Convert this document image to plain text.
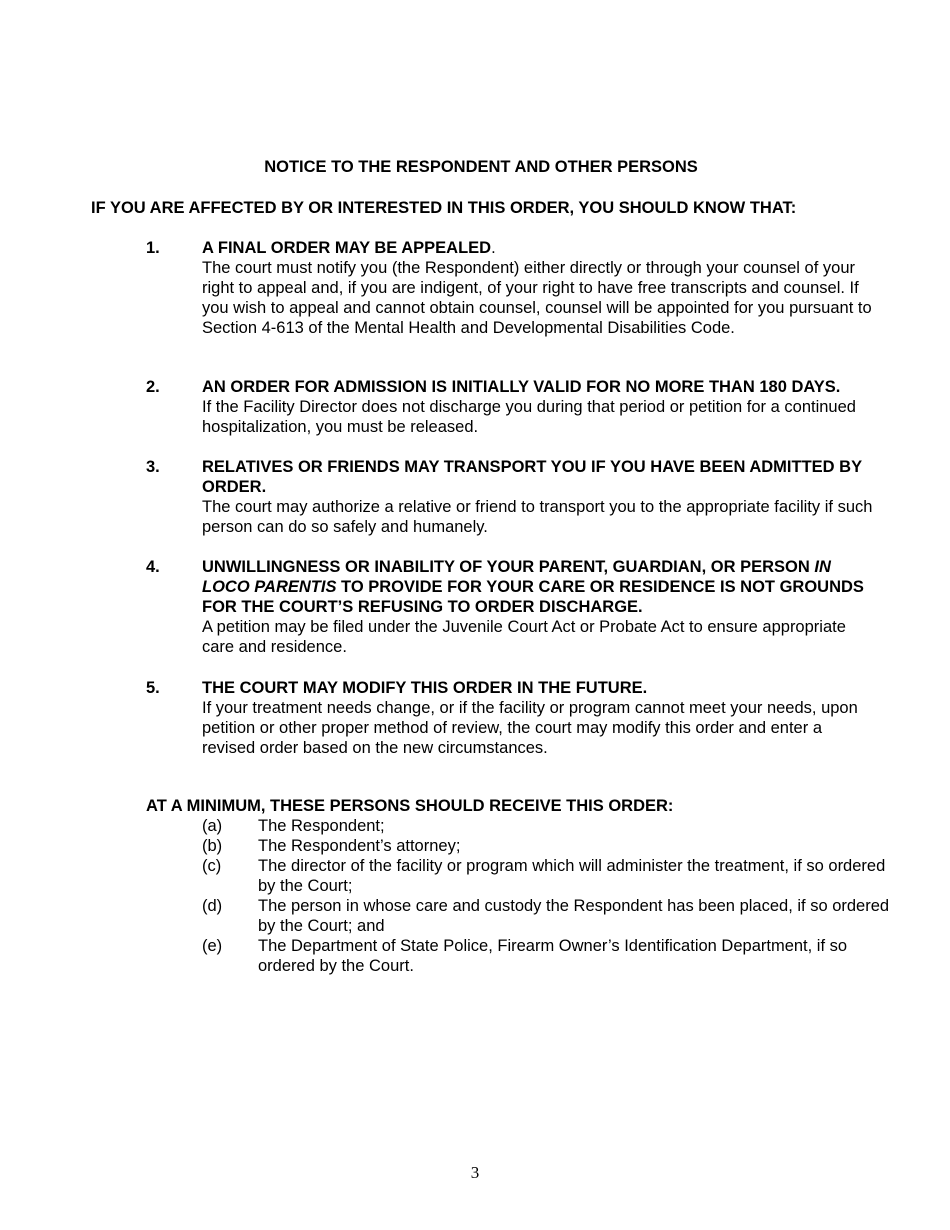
NOTICE TO THE RESPONDENT AND OTHER PERSONS
IF YOU ARE AFFECTED BY OR INTERESTED IN THIS ORDER, YOU SHOULD KNOW THAT:
1.	A FINAL ORDER MAY BE APPEALED.
The court must notify you (the Respondent) either directly or through your counsel of your right to appeal and, if you are indigent, of your right to have free transcripts and counsel. If you wish to appeal and cannot obtain counsel, counsel will be appointed for you pursuant to Section 4-613 of the Mental Health and Developmental Disabilities Code.
2.	AN ORDER FOR ADMISSION IS INITIALLY VALID FOR NO MORE THAN 180 DAYS.
If the Facility Director does not discharge you during that period or petition for a continued hospitalization, you must be released.
3.	RELATIVES OR FRIENDS MAY TRANSPORT YOU IF YOU HAVE BEEN ADMITTED BY ORDER.
The court may authorize a relative or friend to transport you to the appropriate facility if such person can do so safely and humanely.
4.	UNWILLINGNESS OR INABILITY OF YOUR PARENT, GUARDIAN, OR PERSON IN LOCO PARENTIS TO PROVIDE FOR YOUR CARE OR RESIDENCE IS NOT GROUNDS FOR THE COURT’S REFUSING TO ORDER DISCHARGE.
A petition may be filed under the Juvenile Court Act or Probate Act to ensure appropriate care and residence.
5.	THE COURT MAY MODIFY THIS ORDER IN THE FUTURE.
If your treatment needs change, or if the facility or program cannot meet your needs, upon petition or other proper method of review, the court may modify this order and enter a revised order based on the new circumstances.
AT A MINIMUM, THESE PERSONS SHOULD RECEIVE THIS ORDER:
(a) The Respondent;
(b) The Respondent’s attorney;
(c) The director of the facility or program which will administer the treatment, if so ordered by the Court;
(d) The person in whose care and custody the Respondent has been placed, if so ordered by the Court; and
(e) The Department of State Police, Firearm Owner’s Identification Department, if so ordered by the Court.
3
